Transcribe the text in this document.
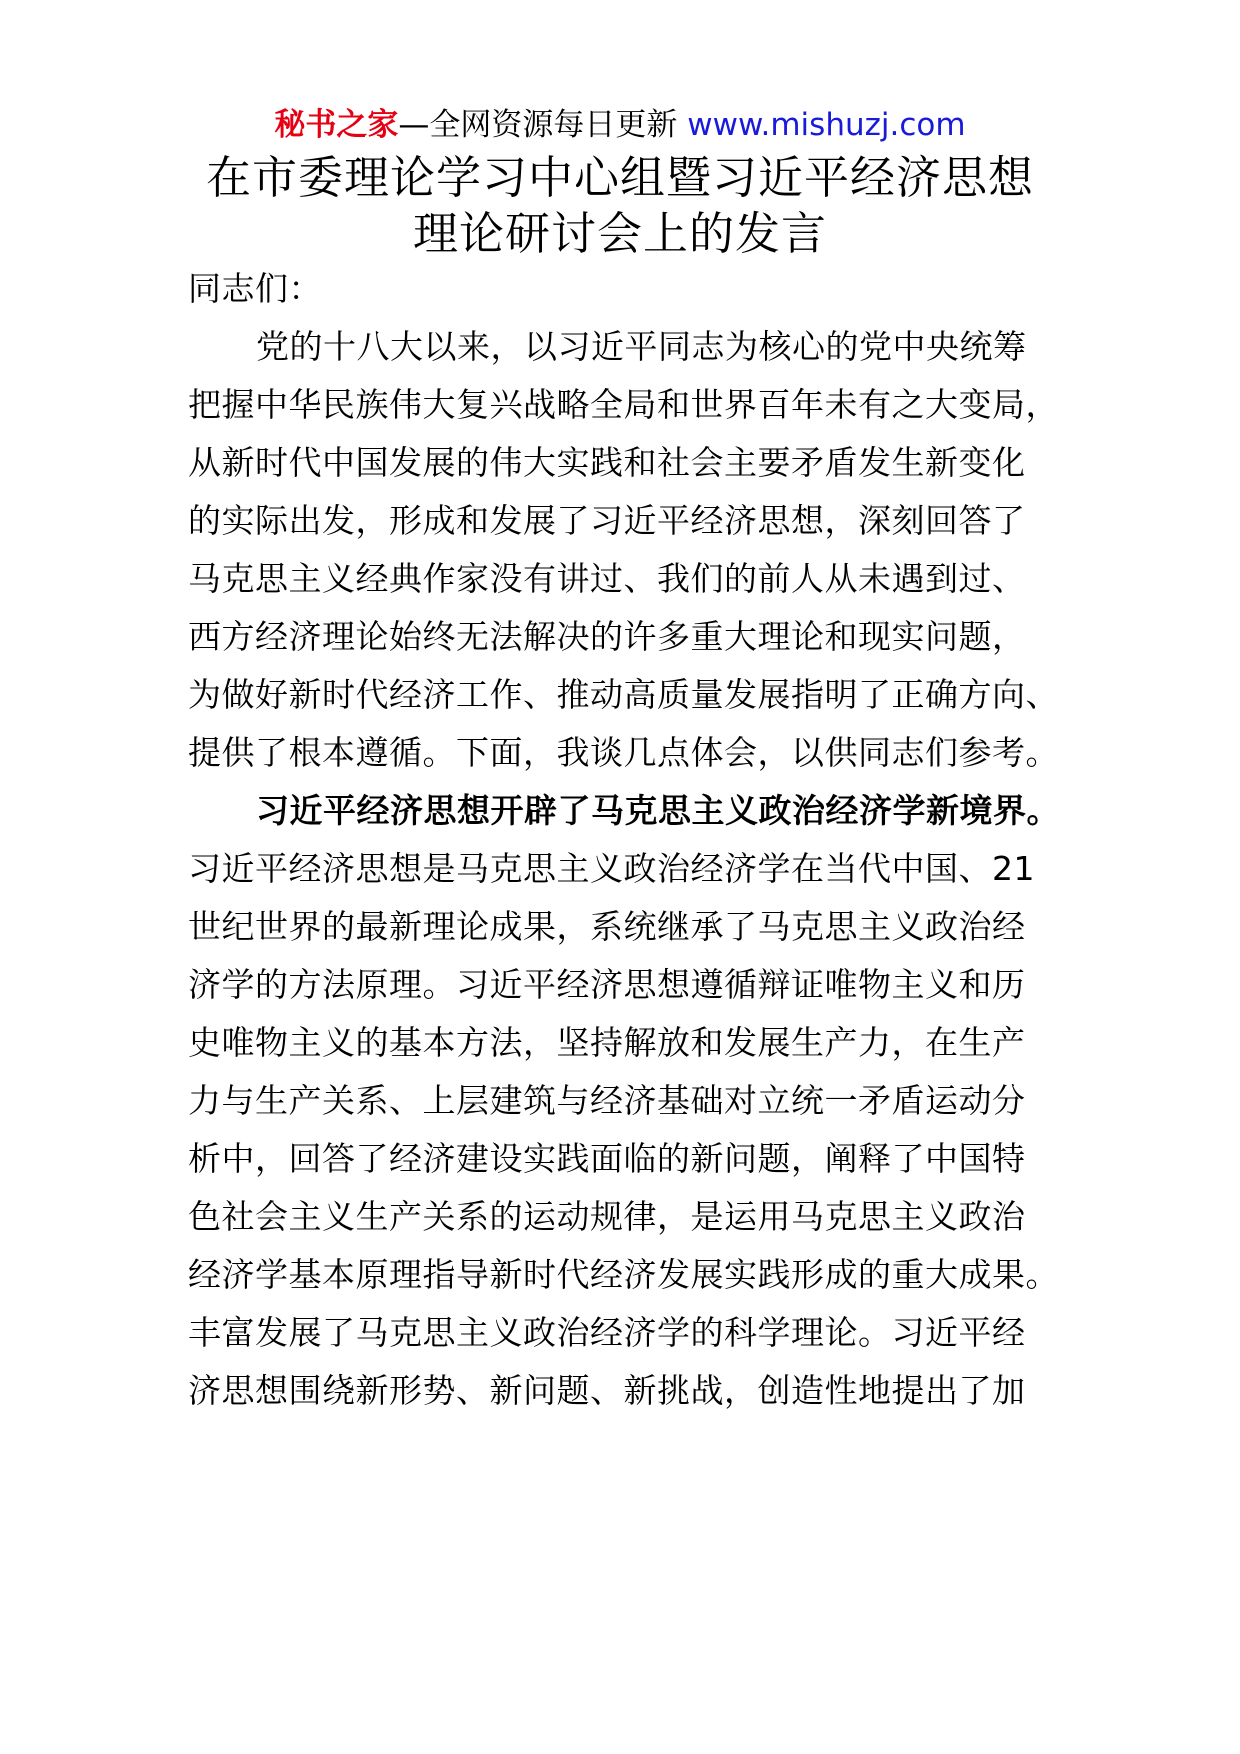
秘书之家—全网资源每日更新 www.mishuzj.com
在市委理论学习中心组暨习近平经济思想
理论研讨会上的发言
同志们：
党的十八大以来，以习近平同志为核心的党中央统筹
把握中华民族伟大复兴战略全局和世界百年未有之大变局，
从新时代中国发展的伟大实践和社会主要矛盾发生新变化
的实际出发，形成和发展了习近平经济思想，深刻回答了
马克思主义经典作家没有讲过、我们的前人从未遇到过、
西方经济理论始终无法解决的许多重大理论和现实问题，
为做好新时代经济工作、推动高质量发展指明了正确方向、
提供了根本遵循。下面，我谈几点体会，以供同志们参考。
习近平经济思想开辟了马克思主义政治经济学新境界。
习近平经济思想是马克思主义政治经济学在当代中国、21
世纪世界的最新理论成果，系统继承了马克思主义政治经
济学的方法原理。习近平经济思想遵循辩证唯物主义和历
史唯物主义的基本方法，坚持解放和发展生产力，在生产
力与生产关系、上层建筑与经济基础对立统一矛盾运动分
析中，回答了经济建设实践面临的新问题，阐释了中国特
色社会主义生产关系的运动规律，是运用马克思主义政治
经济学基本原理指导新时代经济发展实践形成的重大成果。
丰富发展了马克思主义政治经济学的科学理论。习近平经
济思想围绕新形势、新问题、新挑战，创造性地提出了加
